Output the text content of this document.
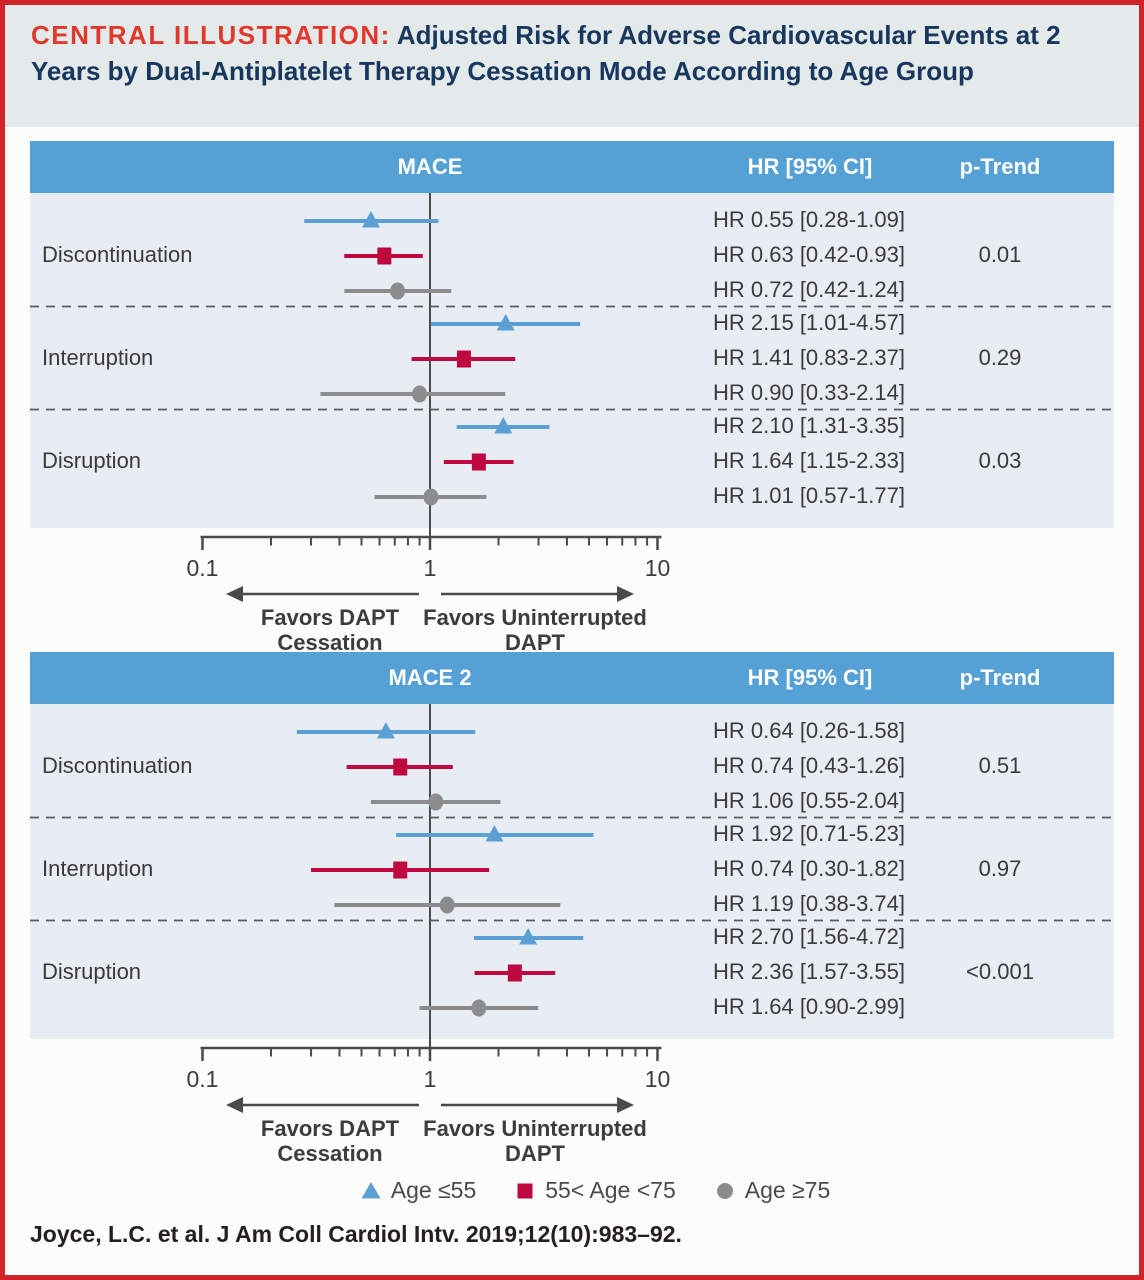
CENTRAL ILLUSTRATION: Adjusted Risk for Adverse Cardiovascular Events at 2 Years by Dual-Antiplatelet Therapy Cessation Mode According to Age Group
MACE	HR [95% CI]	p-Trend
Discontinuation
HR 0.55 [0.28-1.09]
HR 0.63 [0.42-0.93]
HR 0.72 [0.42-1.24]
0.01
Interruption
HR 2.15 [1.01-4.57]
HR 1.41 [0.83-2.37]
HR 0.90 [0.33-2.14]
0.29
Disruption
HR 2.10 [1.31-3.35]
HR 1.64 [1.15-2.33]
HR 1.01 [0.57-1.77]
0.03
0.1	1	10
Favors DAPT
Cessation
Favors Uninterrupted
DAPT
MACE 2	HR [95% CI]	p-Trend
Discontinuation
HR 0.64 [0.26-1.58]
HR 0.74 [0.43-1.26]
HR 1.06 [0.55-2.04]
0.51
Interruption
HR 1.92 [0.71-5.23]
HR 0.74 [0.30-1.82]
HR 1.19 [0.38-3.74]
0.97
Disruption
HR 2.70 [1.56-4.72]
HR 2.36 [1.57-3.55]
HR 1.64 [0.90-2.99]
<0.001
0.1	1	10
Favors DAPT
Cessation
Favors Uninterrupted
DAPT
Age ≤55	55< Age <75	Age ≥75
Joyce, L.C. et al. J Am Coll Cardiol Intv. 2019;12(10):983–92.
